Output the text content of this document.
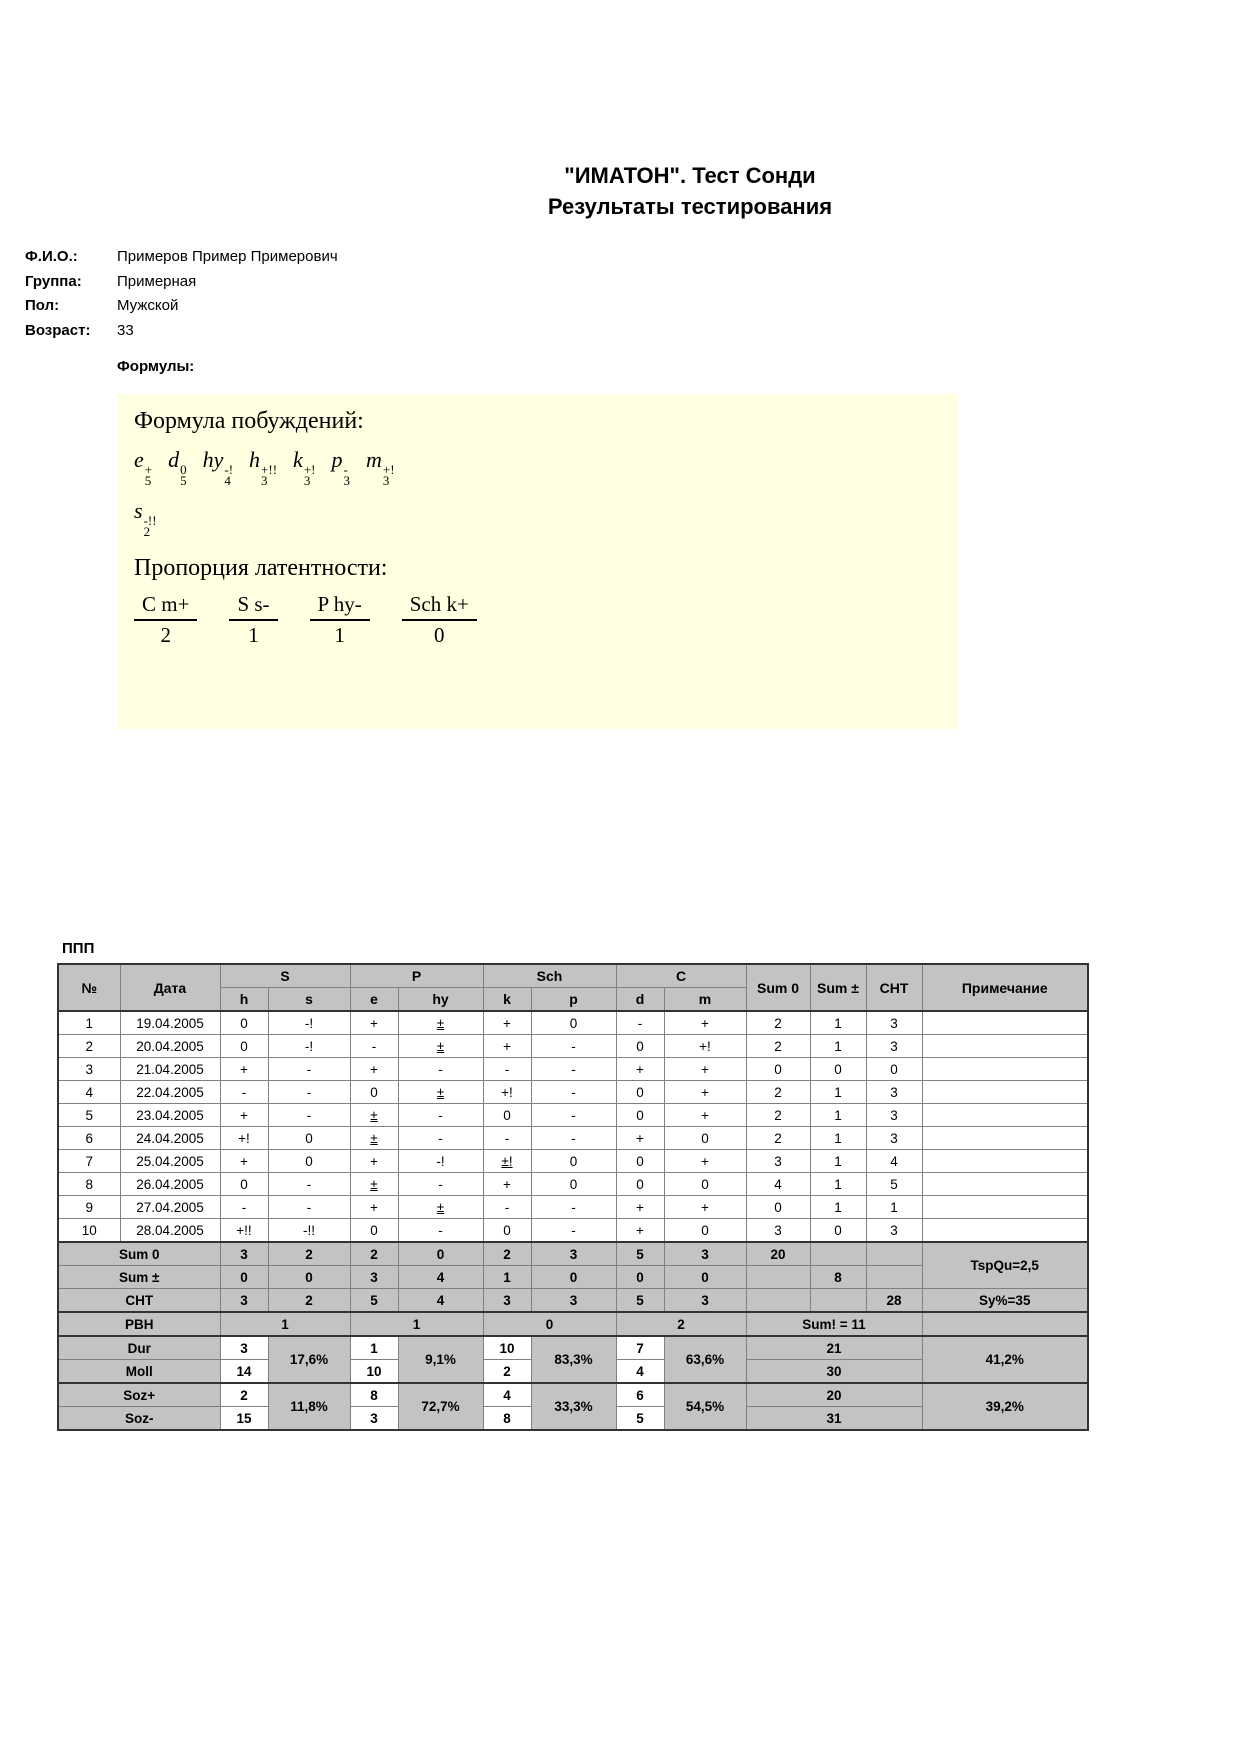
"ИМАТОН". Тест Сонди
Результаты тестирования
Ф.И.О.:	Примеров Пример Примерович
Группа:	Примерная
Пол:	Мужской
Возраст:	33
Формулы:
Формула побуждений:
e +
5
d 0
5
hy -!
4
h +!!
3
k +!
3
p -
3
m +!
3
s -!!
2
Пропорция латентности:
$\frac{\text{C m+}}{2} \frac{\text{S s-}}{1} \frac{\text{P hy-}}{1} \frac{\text{Sch k+}}{0}$
ППП
№	Дата	S		P		Sch		C		Sum 0	Sum ±	СНТ	Примечание
		h	s	e	hy	k	p	d	m				
1	19.04.2005	0	-!	+	±	+	0	-	+	2	1	3	
2	20.04.2005	0	-!	-	±	+	-	0	+!	2	1	3	
3	21.04.2005	+	-	+	-	-	-	+	+	0	0	0	
4	22.04.2005	-	-	0	±	+!	-	0	+	2	1	3	
5	23.04.2005	+	-	±	-	0	-	0	+	2	1	3	
6	24.04.2005	+!	0	±	-	-	-	+	0	2	1	3	
7	25.04.2005	+	0	+	-!	±!	0	0	+	3	1	4	
8	26.04.2005	0	-	±	-	+	0	0	0	4	1	5	
9	27.04.2005	-	-	+	±	-	-	+	+	0	1	1	
10	28.04.2005	+!!	-!!	0	-	0	-	+	0	3	0	3	
Sum 0		3	2	2	0	2	3	5	3	20			TspQu=2,5
Sum ±		0	0	3	4	1	0	0	0		8		
СНТ		3	2	5	4	3	3	5	3			28	Sy%=35
РВН		1		1		0		2		Sum! = 11			
Dur		3	17,6%	1	9,1%	10	83,3%	7	63,6%	21			41,2%
Moll		14		10		2		4		30			
Soz+		2	11,8%	8	72,7%	4	33,3%	6	54,5%	20			39,2%
Soz-		15		3		8		5		31			
